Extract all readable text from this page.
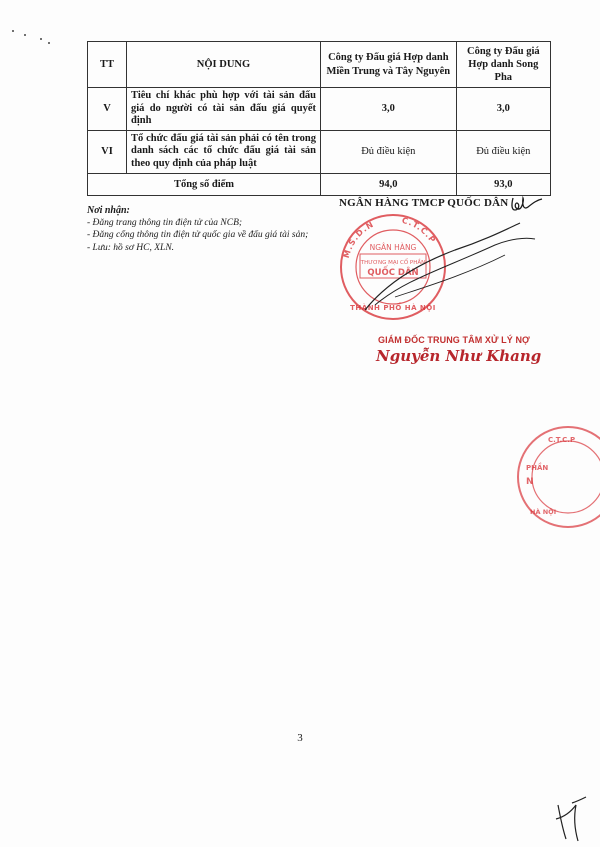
TT	NỘI DUNG	Công ty Đấu giá Hợp danh Miền Trung và Tây Nguyên	Công ty Đấu giá Hợp danh Song Pha
V	Tiêu chí khác phù hợp với tài sản đấu giá do người có tài sản đấu giá quyết định	3,0	3,0
VI	Tổ chức đấu giá tài sản phải có tên trong danh sách các tổ chức đấu giá tài sản theo quy định của pháp luật	Đủ điều kiện	Đủ điều kiện
Tổng số điểm		94,0	93,0
Nơi nhận:
- Đăng trang thông tin điện tử của NCB;
- Đăng cổng thông tin điện tử quốc gia về đấu giá tài sản;
- Lưu: hồ sơ HC, XLN.
NGÂN HÀNG TMCP QUỐC DÂN
M.S.D.N	C.T.C.P
NGÂN HÀNG
THƯƠNG MẠI CỔ PHẦN
QUỐC DÂN
THÀNH PHỐ HÀ NỘI
GIÁM ĐỐC TRUNG TÂM XỬ LÝ NỢ
Nguyễn Như Khang
C.T.C.P
PHẦN
N
HÀ NỘI
3
